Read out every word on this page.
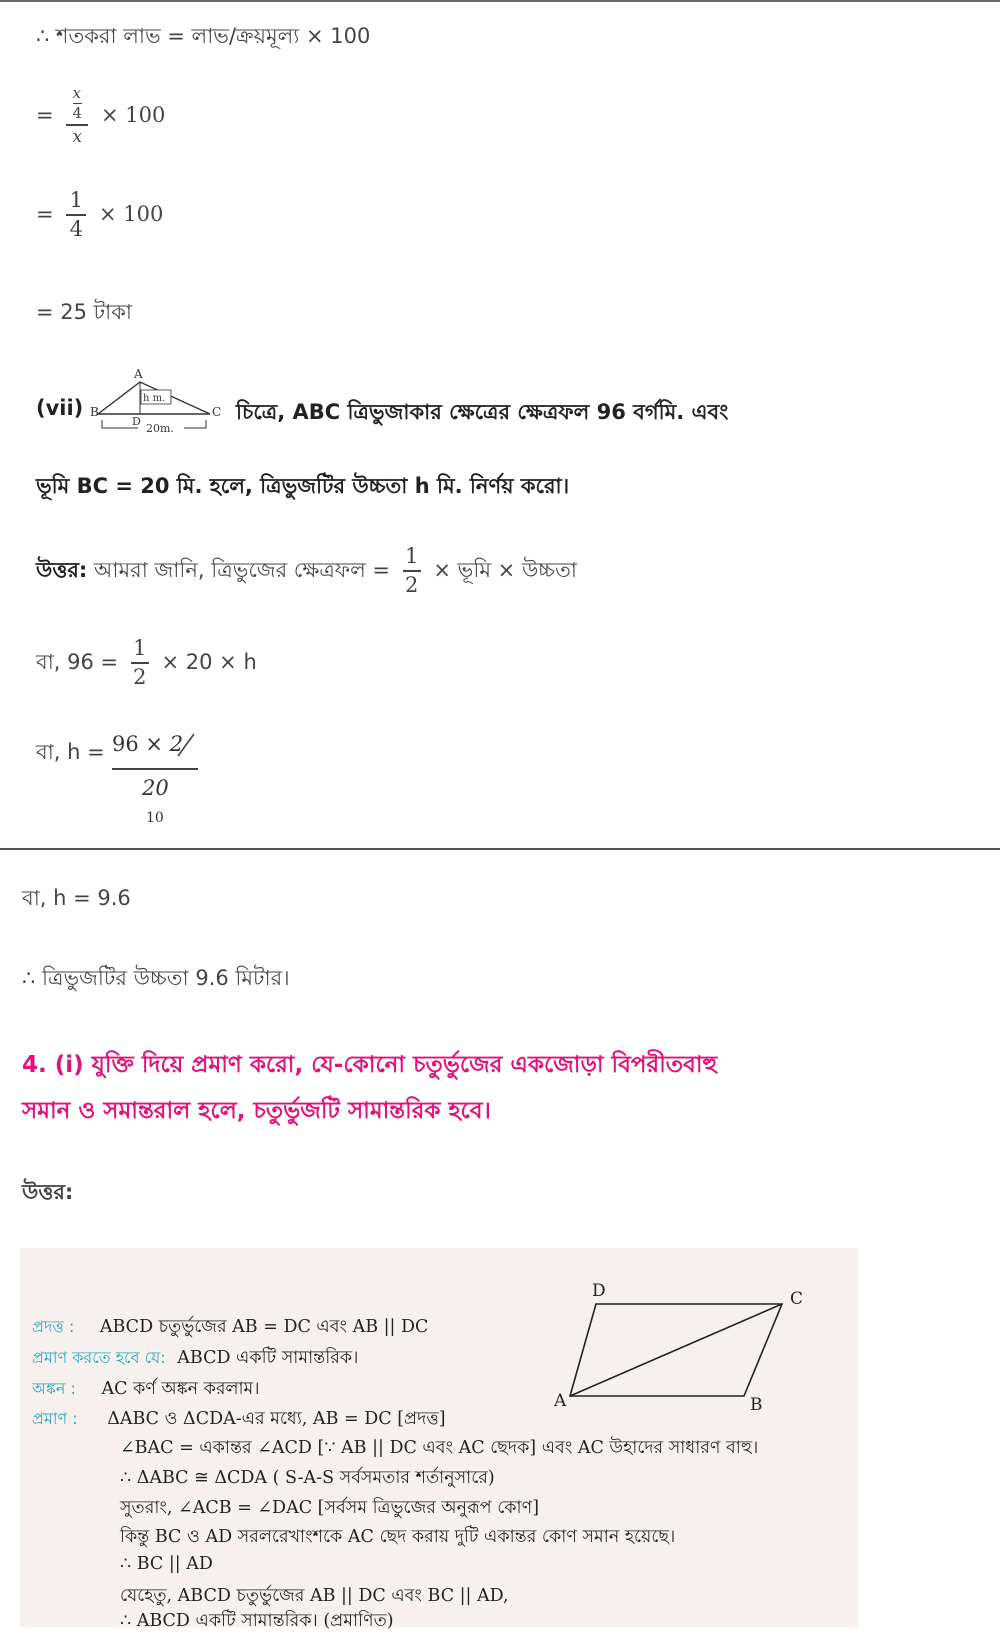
∴ শতকরা লাভ = লাভ/ক্রয়মূল্য × 100
= $\frac{\frac{x}{4}}{x} \times 100$
= $\frac{1}{4} \times 100$
= 25 টাকা
(vii)
A
B	C
D
h m.
20m.
চিত্রে, ABC ত্রিভুজাকার ক্ষেত্রের ক্ষেত্রফল 96 বর্গমি. এবং
ভূমি BC = 20 মি. হলে, ত্রিভুজটির উচ্চতা h মি. নির্ণয় করো।
উত্তর: আমরা জানি, ত্রিভুজের ক্ষেত্রফল = $\frac{1}{2}$ × ভূমি × উচ্চতা
বা, $96 = \frac{1}{2} \times 20 \times h$
বা, h = 96 × 2
20
10
বা, h = 9.6
∴ ত্রিভুজটির উচ্চতা 9.6 মিটার।
4. (i) যুক্তি দিয়ে প্রমাণ করো, যে-কোনো চতুর্ভুজের একজোড়া বিপরীতবাহু
সমান ও সমান্তরাল হলে, চতুর্ভুজটি সামান্তরিক হবে।
উত্তর:
D	C
A	B
প্রদত্ত : ABCD চতুর্ভুজের AB = DC এবং AB || DC
প্রমাণ করতে হবে যে: ABCD একটি সামান্তরিক।
অঙ্কন : AC কর্ণ অঙ্কন করলাম।
প্রমাণ : ΔABC ও ΔCDA-এর মধ্যে, AB = DC [প্রদত্ত]
∠BAC = একান্তর ∠ACD [∵ AB || DC এবং AC ছেদক] এবং AC উহাদের সাধারণ বাহু।
∴ ΔABC ≅ ΔCDA ( S-A-S সর্বসমতার শর্তানুসারে)
সুতরাং, ∠ACB = ∠DAC [সর্বসম ত্রিভুজের অনুরূপ কোণ]
কিন্তু BC ও AD সরলরেখাংশকে AC ছেদ করায় দুটি একান্তর কোণ সমান হয়েছে।
∴ BC || AD
যেহেতু, ABCD চতুর্ভুজের AB || DC এবং BC || AD,
∴ ABCD একটি সামান্তরিক। (প্রমাণিত)
